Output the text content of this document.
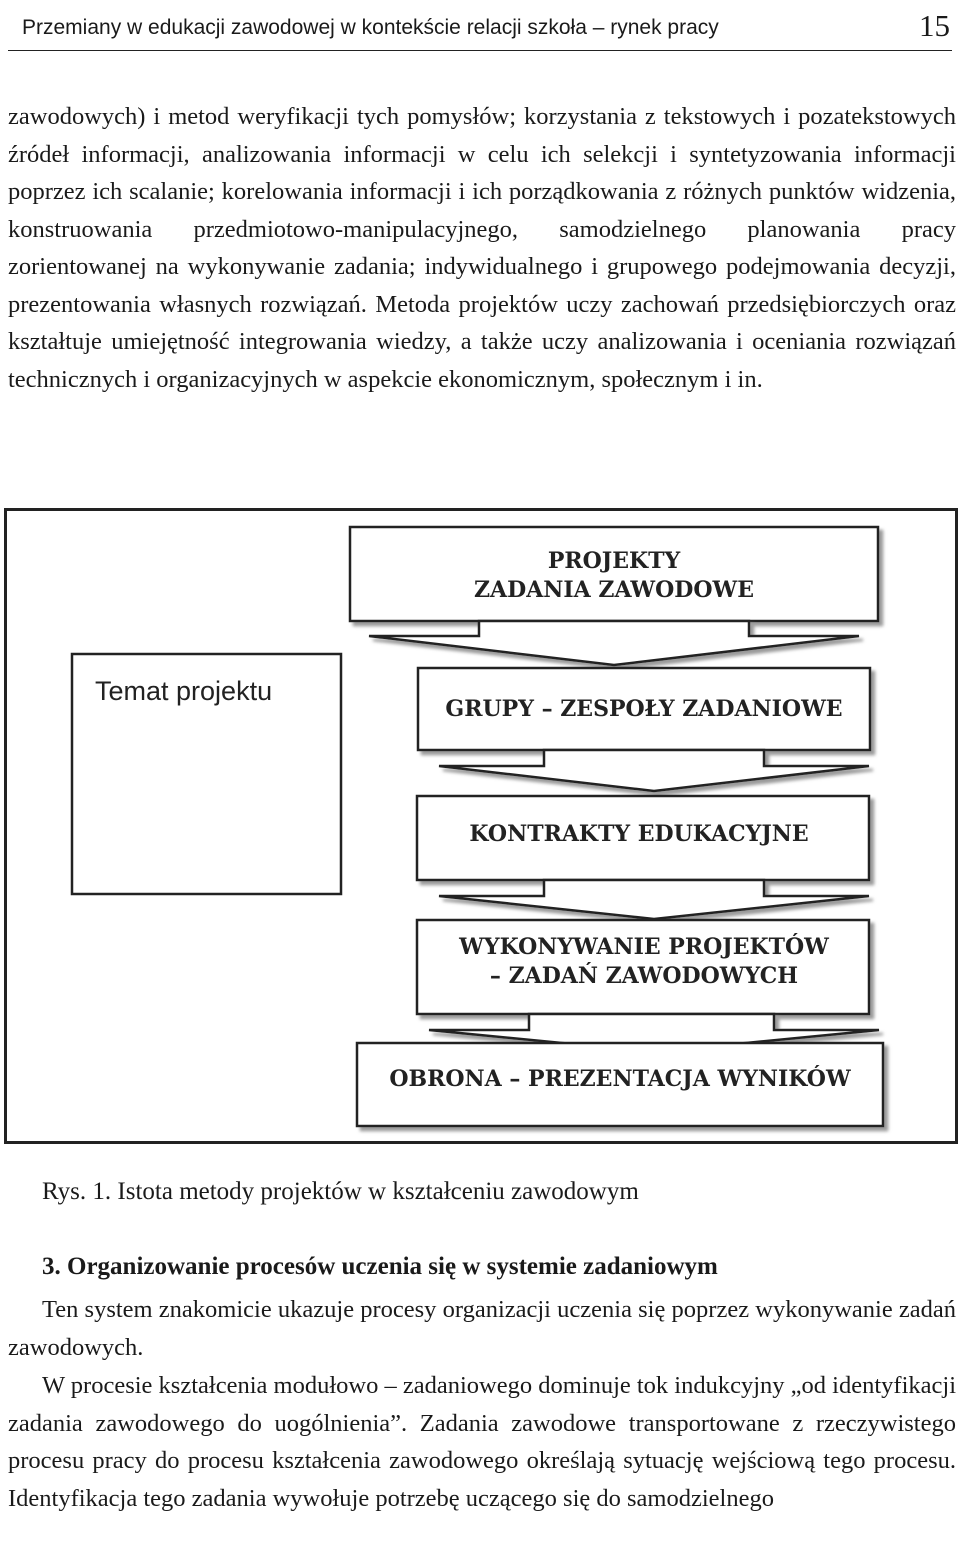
Przemiany w edukacji zawodowej w kontekście relacji szkoła – rynek pracy	15
zawodowych) i metod weryfikacji tych pomysłów; korzystania z tekstowych i pozatekstowych źródeł informacji, analizowania informacji w celu ich selekcji i syntetyzowania informacji poprzez ich scalanie; korelowania informacji i ich porządkowania z różnych punktów widzenia, konstruowania przedmiotowo-manipulacyjnego, samodzielnego planowania pracy zorientowanej na wykonywanie zadania; indywidualnego i grupowego podejmowania decyzji, prezentowania własnych rozwiązań. Metoda projektów uczy zachowań przedsiębiorczych oraz kształtuje umiejętność integrowania wiedzy, a także uczy analizowania i oceniania rozwiązań technicznych i organizacyjnych w aspekcie ekonomicznym, społecznym i in.
Temat projektu
PROJEKTY
ZADANIA ZAWODOWE
GRUPY – ZESPOŁY ZADANIOWE
KONTRAKTY EDUKACYJNE
WYKONYWANIE PROJEKTÓW
– ZADAŃ ZAWODOWYCH
OBRONA – PREZENTACJA WYNIKÓW
Rys. 1. Istota metody projektów w kształceniu zawodowym
3. Organizowanie procesów uczenia się w systemie zadaniowym
Ten system znakomicie ukazuje procesy organizacji uczenia się poprzez wykonywanie zadań zawodowych.
W procesie kształcenia modułowo – zadaniowego dominuje tok indukcyjny „od identyfikacji zadania zawodowego do uogólnienia”. Zadania zawodowe transportowane z rzeczywistego procesu pracy do procesu kształcenia zawodowego określają sytuację wejściową tego procesu. Identyfikacja tego zadania wywołuje potrzebę uczącego się do samodzielnego
